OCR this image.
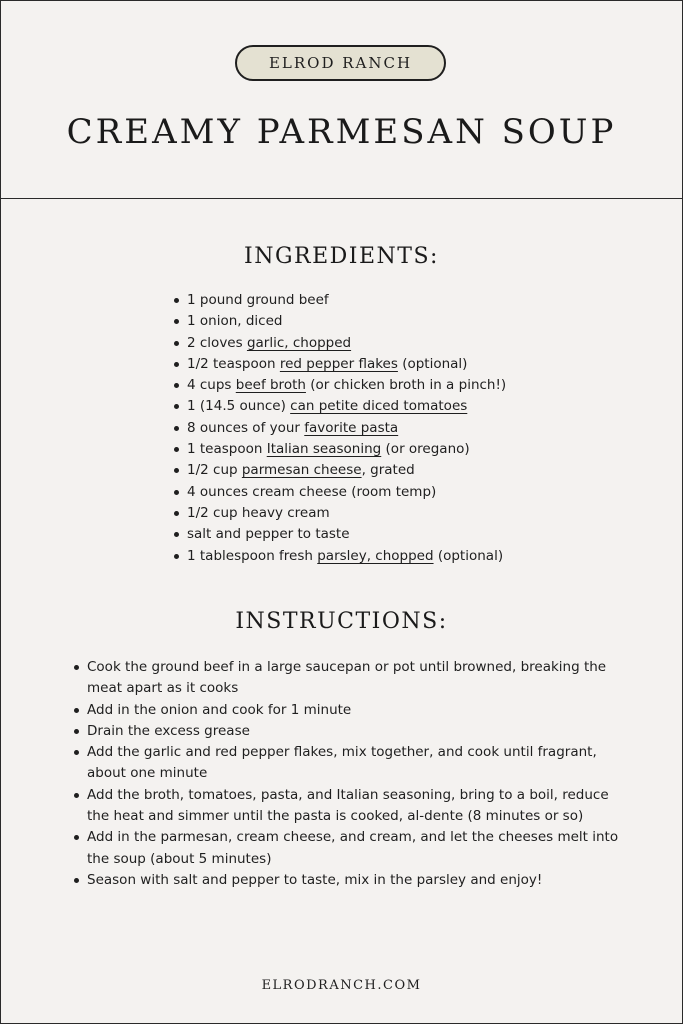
ELROD RANCH
CREAMY PARMESAN SOUP
INGREDIENTS:
1 pound ground beef
1 onion, diced
2 cloves garlic, chopped
1/2 teaspoon red pepper flakes (optional)
4 cups beef broth (or chicken broth in a pinch!)
1 (14.5 ounce) can petite diced tomatoes
8 ounces of your favorite pasta
1 teaspoon Italian seasoning (or oregano)
1/2 cup parmesan cheese, grated
4 ounces cream cheese (room temp)
1/2 cup heavy cream
salt and pepper to taste
1 tablespoon fresh parsley, chopped (optional)
INSTRUCTIONS:
Cook the ground beef in a large saucepan or pot until browned, breaking the meat apart as it cooks
Add in the onion and cook for 1 minute
Drain the excess grease
Add the garlic and red pepper flakes, mix together, and cook until fragrant, about one minute
Add the broth, tomatoes, pasta, and Italian seasoning, bring to a boil, reduce the heat and simmer until the pasta is cooked, al-dente (8 minutes or so)
Add in the parmesan, cream cheese, and cream, and let the cheeses melt into the soup (about 5 minutes)
Season with salt and pepper to taste, mix in the parsley and enjoy!
ELRODRANCH.COM
